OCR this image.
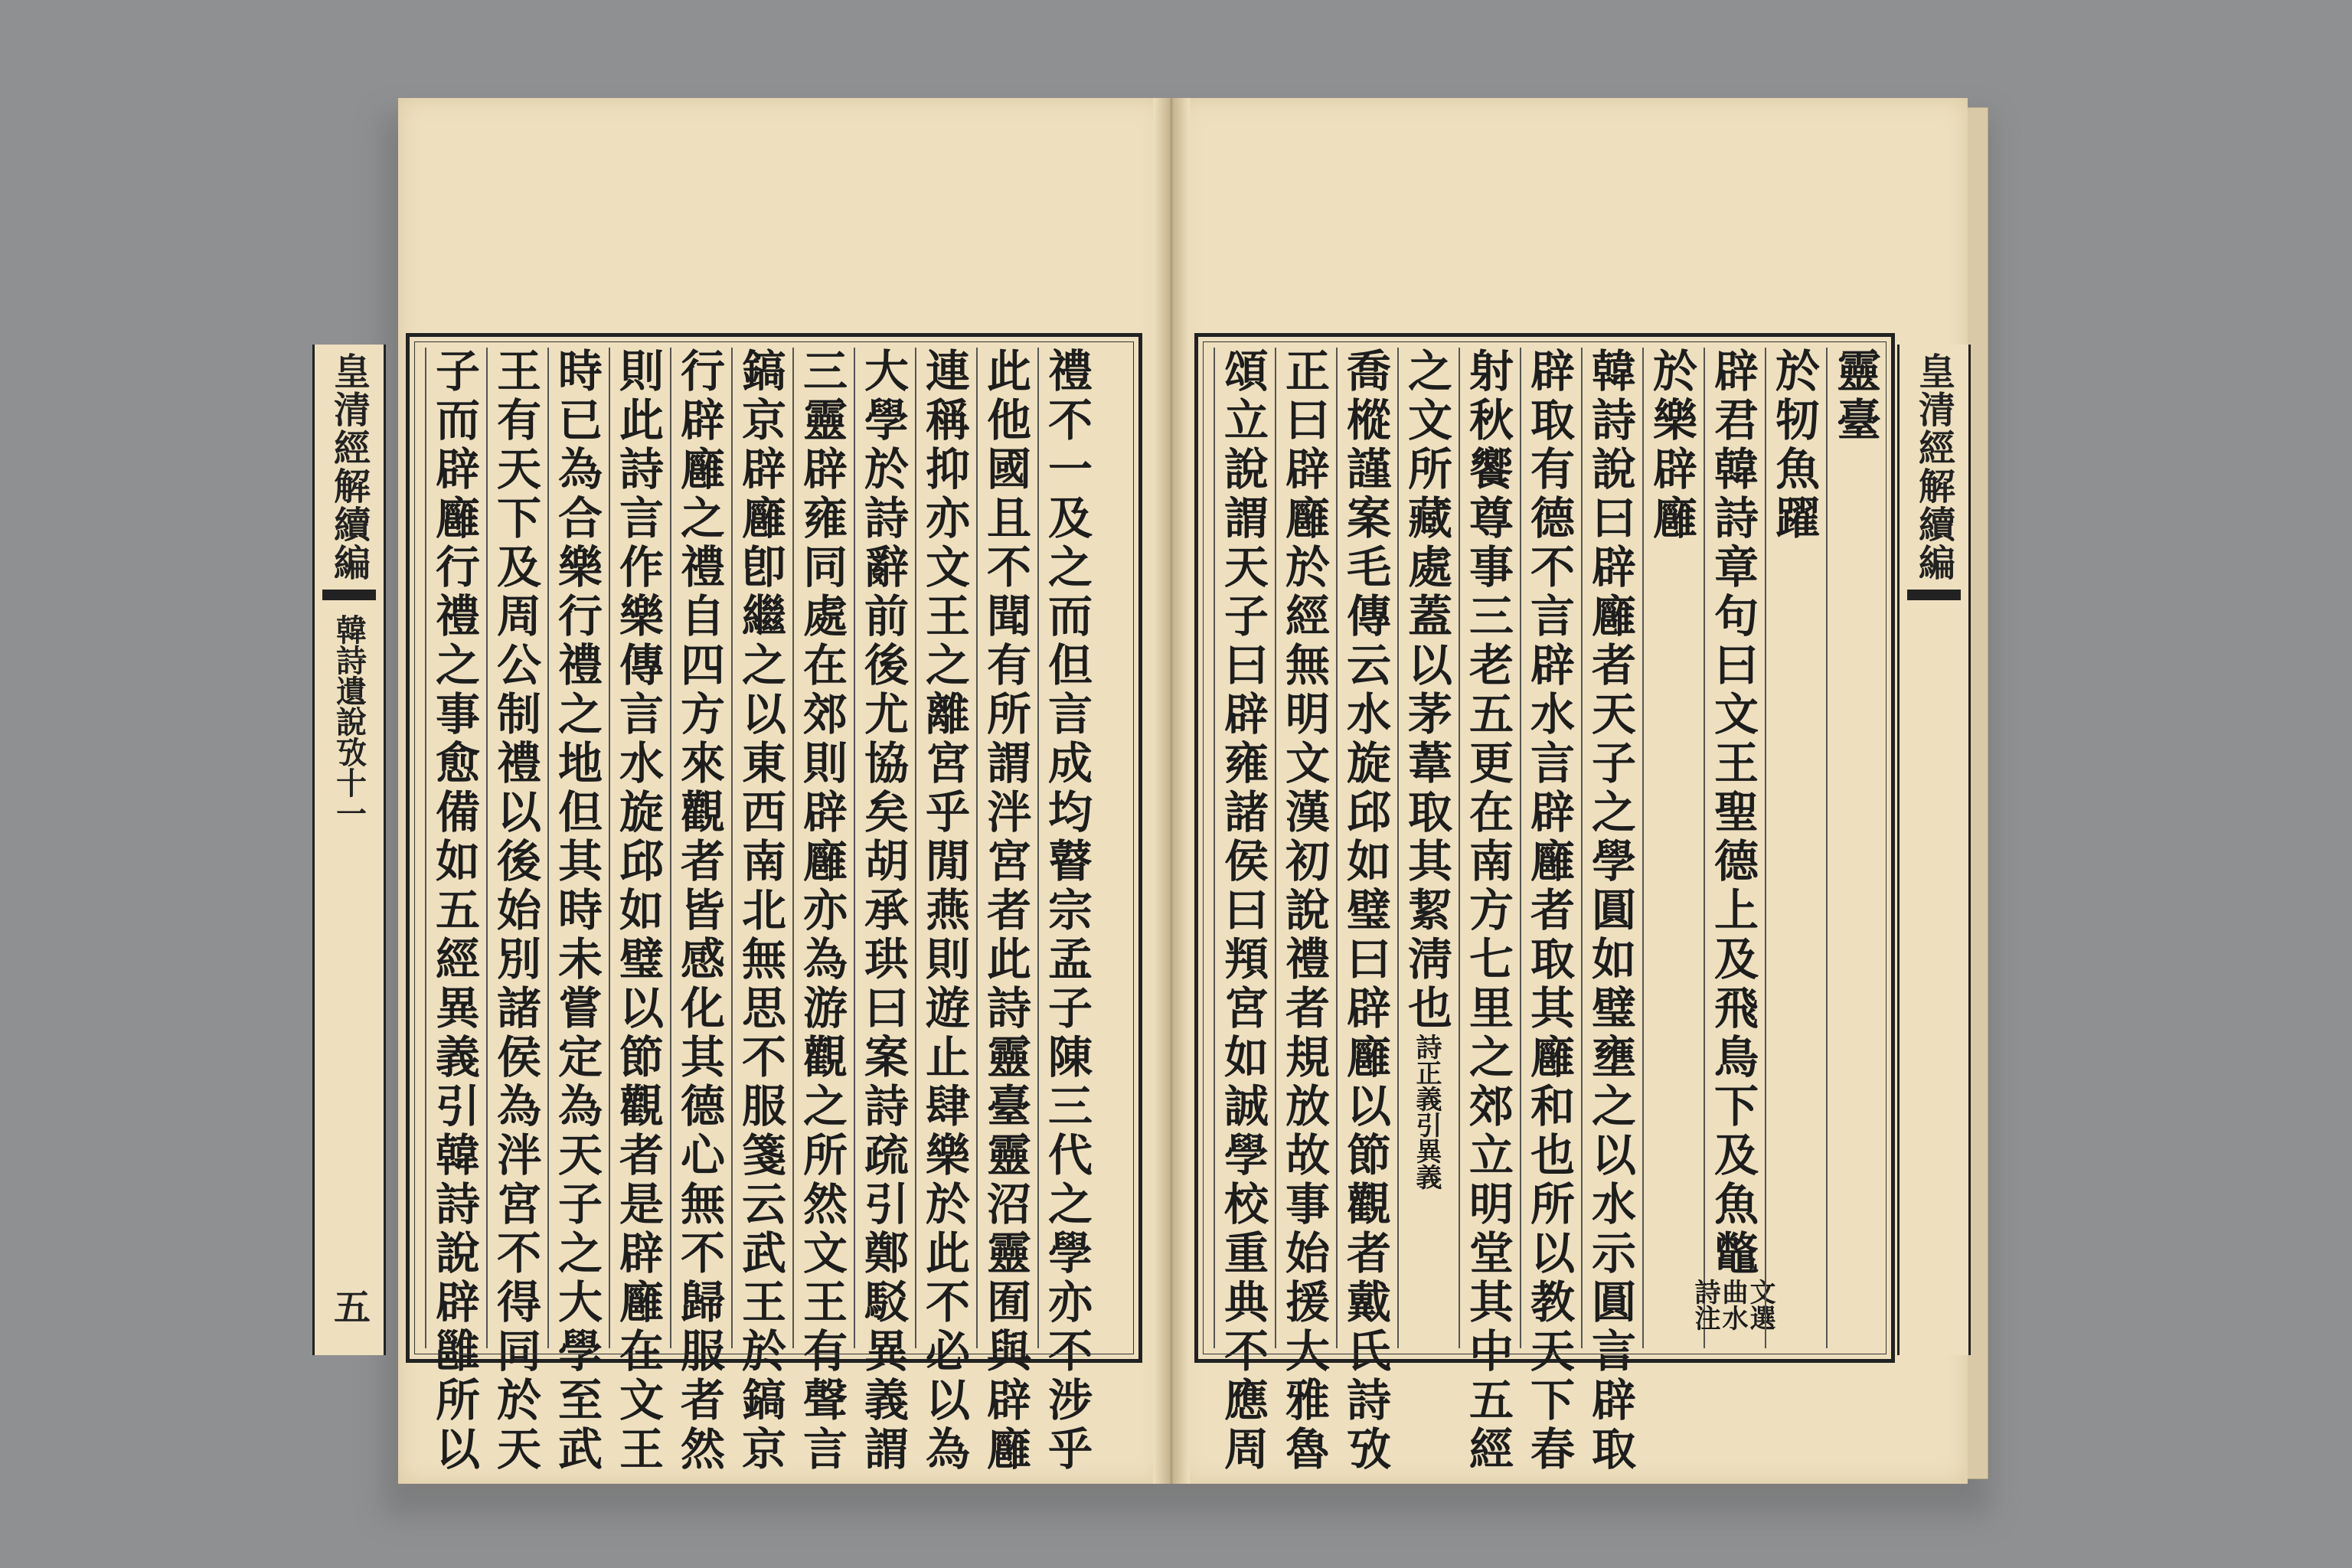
子而辟廱行禮之事愈備如五經異義引韓詩說辟雝所以 王有天下及周公制禮以後始別諸侯為泮宮不得同於天 時已為合樂行禮之地但其時未嘗定為天子之大學至武 則此詩言作樂傳言水旋邱如璧以節觀者是辟廱在文王 行辟廱之禮自四方來觀者皆感化其德心無不歸服者然 鎬京辟廱卽繼之以東西南北無思不服箋云武王於鎬京 三靈辟雍同處在郊則辟廱亦為游觀之所然文王有聲言 大學於詩辭前後尤協矣胡承珙曰案詩疏引鄭駁異義謂 連稱抑亦文王之離宮乎閒燕則遊止肆樂於此不必以為 此他國且不聞有所謂泮宮者此詩靈臺靈沼靈囿與辟廱 禮不一及之而但言成均瞽宗孟子陳三代之學亦不涉乎
皇清經解續編
韓詩遺說攷十一
五	頌立說謂天子曰辟雍諸侯曰頖宮如誠學校重典不應周 正曰辟廱於經無明文漢初說禮者規放故事始援大雅魯 喬樅謹案毛傳云水旋邱如璧曰辟廱以節觀者戴氏詩攷 之文所藏處蓋以茅葦取其絜淸也
詩正義引異義 射秋饗尊事三老五更在南方七里之郊立明堂其中五經 辟取有德不言辟水言辟廱者取其廱和也所以教天下春 韓詩說曰辟廱者天子之學圓如璧壅之以水示圓言辟取 於樂辟廱 辟君韓詩章句曰文王聖德上及飛鳥下及魚鼈
文選曲水詩注
於牣魚躍 靈臺 皇清經解續編
